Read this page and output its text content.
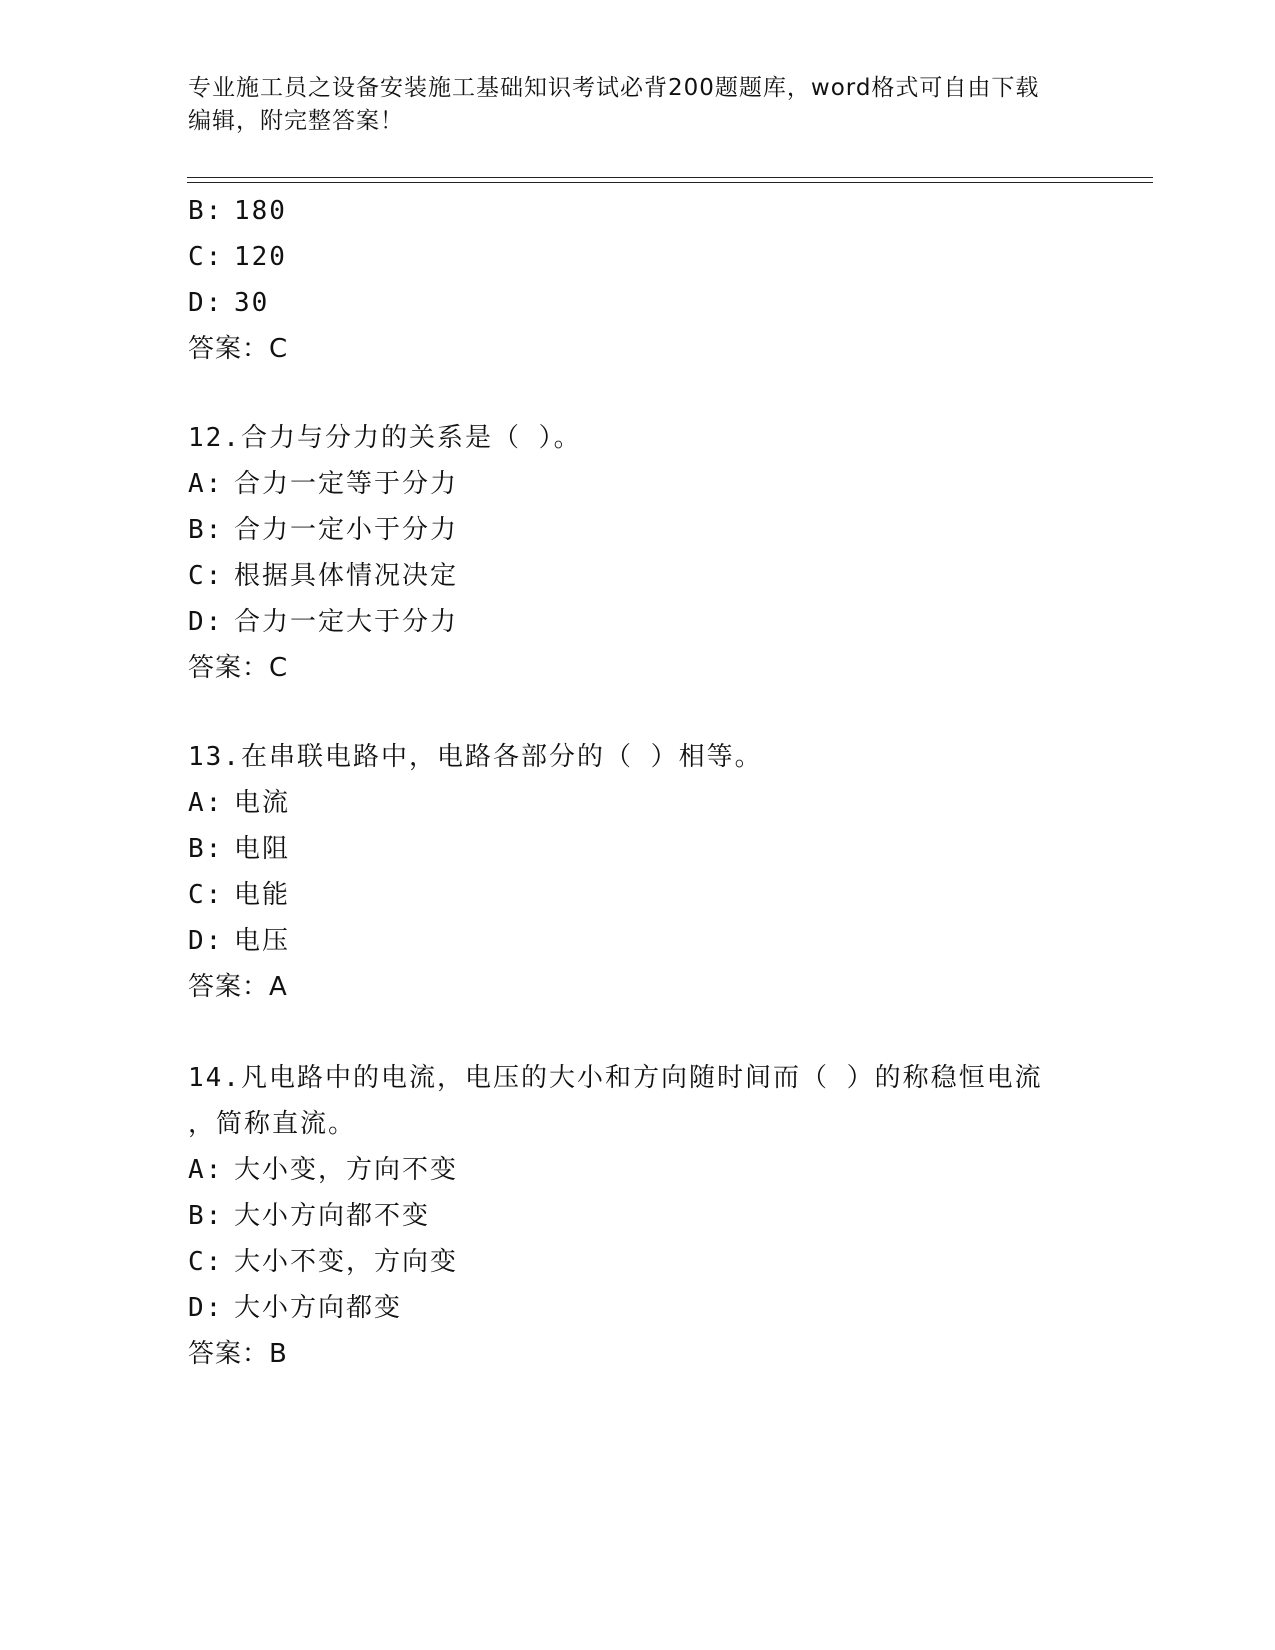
专业施工员之设备安装施工基础知识考试必背200题题库，word格式可自由下载
编辑，附完整答案！
B: 180
C: 120
D: 30
答案：C
12.合力与分力的关系是（ ）。
A: 合力一定等于分力
B: 合力一定小于分力
C: 根据具体情况决定
D: 合力一定大于分力
答案：C
13.在串联电路中，电路各部分的（ ）相等。
A: 电流
B: 电阻
C: 电能
D: 电压
答案：A
14.凡电路中的电流，电压的大小和方向随时间而（ ）的称稳恒电流
，简称直流。
A: 大小变，方向不变
B: 大小方向都不变
C: 大小不变，方向变
D: 大小方向都变
答案：B
